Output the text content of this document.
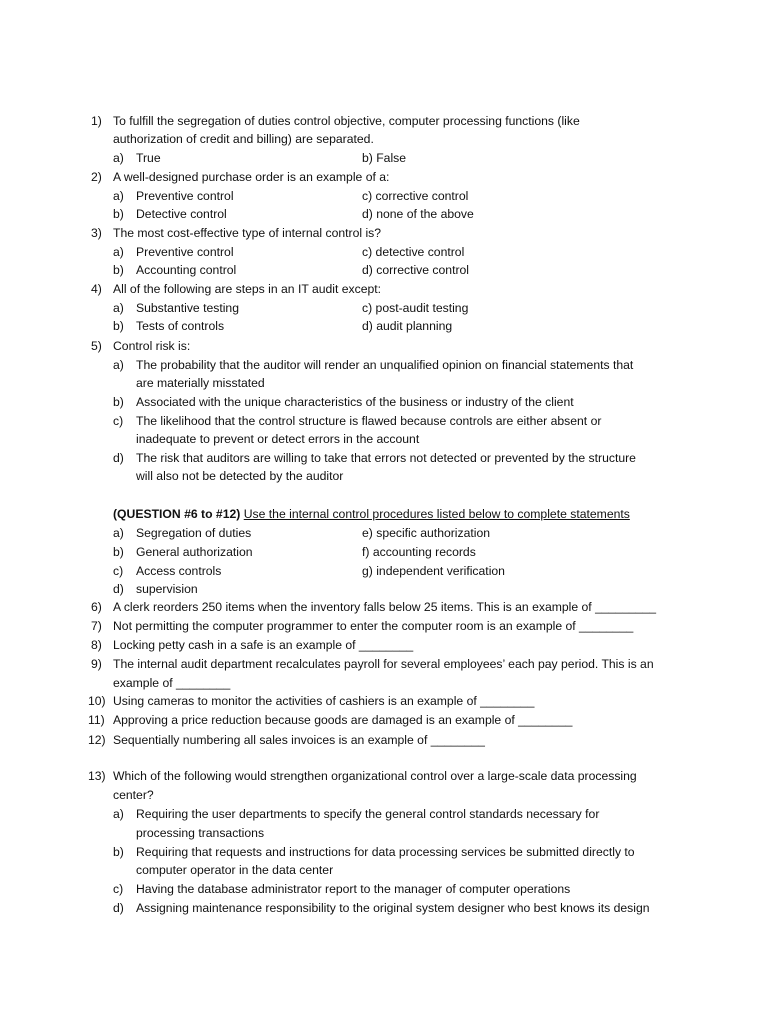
1) To fulfill the segregation of duties control objective, computer processing functions (like
authorization of credit and billing) are separated.
a) True	b) False
2) A well-designed purchase order is an example of a:
a) Preventive control	c) corrective control
b) Detective control	d) none of the above
3) The most cost-effective type of internal control is?
a) Preventive control	c) detective control
b) Accounting control	d) corrective control
4) All of the following are steps in an IT audit except:
a) Substantive testing	c) post-audit testing
b) Tests of controls	d) audit planning
5) Control risk is:
a) The probability that the auditor will render an unqualified opinion on financial statements that
are materially misstated
b) Associated with the unique characteristics of the business or industry of the client
c) The likelihood that the control structure is flawed because controls are either absent or
inadequate to prevent or detect errors in the account
d) The risk that auditors are willing to take that errors not detected or prevented by the structure
will also not be detected by the auditor
(QUESTION #6 to #12) Use the internal control procedures listed below to complete statements
a) Segregation of duties	e) specific authorization
b) General authorization	f) accounting records
c) Access controls	g) independent verification
d) supervision
6) A clerk reorders 250 items when the inventory falls below 25 items. This is an example of _________
7) Not permitting the computer programmer to enter the computer room is an example of ________
8) Locking petty cash in a safe is an example of ________
9) The internal audit department recalculates payroll for several employees’ each pay period. This is an
example of ________
10) Using cameras to monitor the activities of cashiers is an example of ________
11) Approving a price reduction because goods are damaged is an example of ________
12) Sequentially numbering all sales invoices is an example of ________
13) Which of the following would strengthen organizational control over a large-scale data processing
center?
a) Requiring the user departments to specify the general control standards necessary for
processing transactions
b) Requiring that requests and instructions for data processing services be submitted directly to
computer operator in the data center
c) Having the database administrator report to the manager of computer operations
d) Assigning maintenance responsibility to the original system designer who best knows its design
